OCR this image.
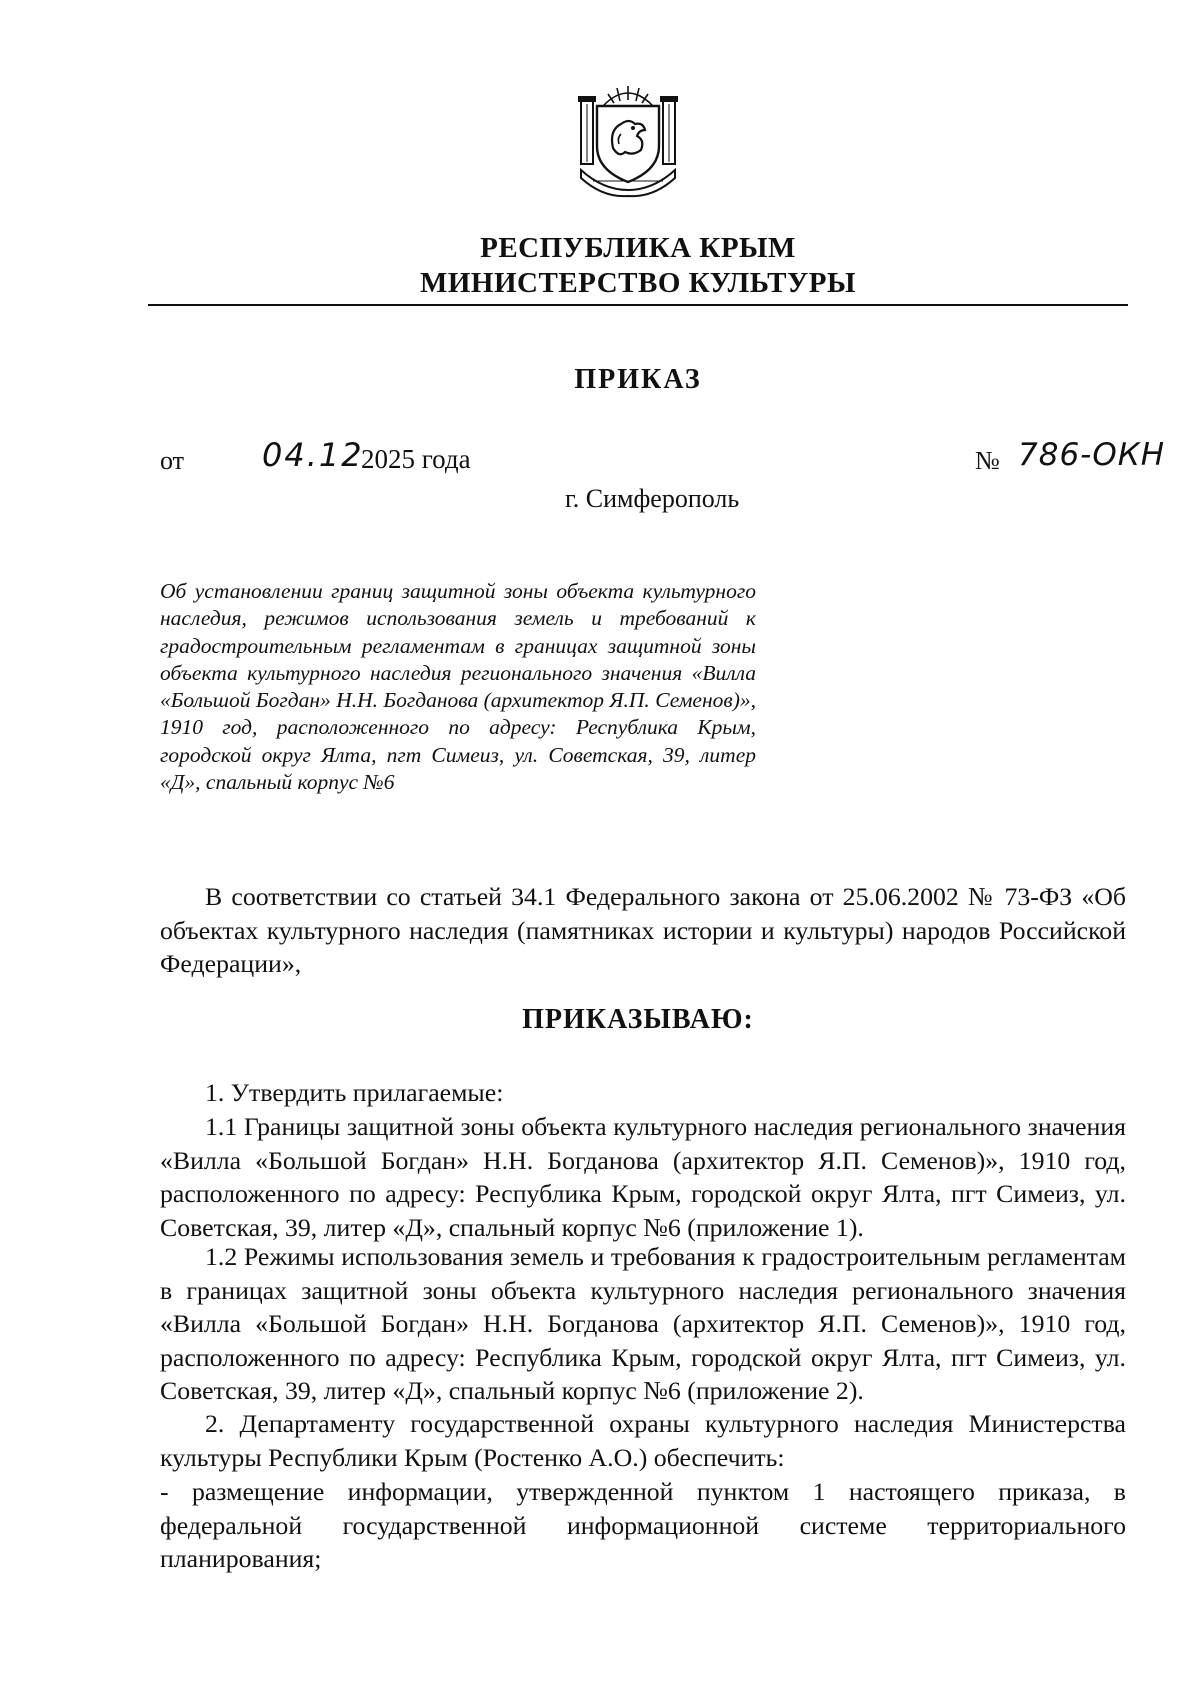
РЕСПУБЛИКА КРЫМ
МИНИСТЕРСТВО КУЛЬТУРЫ
ПРИКАЗ
от 04.12
2025 года	№ 786-ОКН
г. Симферополь
Об установлении границ защитной зоны объекта культурного наследия, режимов использования земель и требований к градостроительным регламентам в границах защитной зоны объекта культурного наследия регионального значения «Вилла «Большой Богдан» Н.Н. Богданова (архитектор Я.П. Семенов)», 1910 год, расположенного по адресу: Республика Крым, городской округ Ялта, пгт Симеиз, ул. Советская, 39, литер «Д», спальный корпус №6
В соответствии со статьей 34.1 Федерального закона от 25.06.2002 № 73-ФЗ «Об объектах культурного наследия (памятниках истории и культуры) народов Российской Федерации»,
ПРИКАЗЫВАЮ:
1. Утвердить прилагаемые:
1.1 Границы защитной зоны объекта культурного наследия регионального значения «Вилла «Большой Богдан» Н.Н. Богданова (архитектор Я.П. Семенов)», 1910 год, расположенного по адресу: Республика Крым, городской округ Ялта, пгт Симеиз, ул. Советская, 39, литер «Д», спальный корпус №6 (приложение 1).
1.2 Режимы использования земель и требования к градостроительным регламентам в границах защитной зоны объекта культурного наследия регионального значения «Вилла «Большой Богдан» Н.Н. Богданова (архитектор Я.П. Семенов)», 1910 год, расположенного по адресу: Республика Крым, городской округ Ялта, пгт Симеиз, ул. Советская, 39, литер «Д», спальный корпус №6 (приложение 2).
2. Департаменту государственной охраны культурного наследия Министерства культуры Республики Крым (Ростенко А.О.) обеспечить:
- размещение информации, утвержденной пунктом 1 настоящего приказа, в федеральной государственной информационной системе территориального планирования;
